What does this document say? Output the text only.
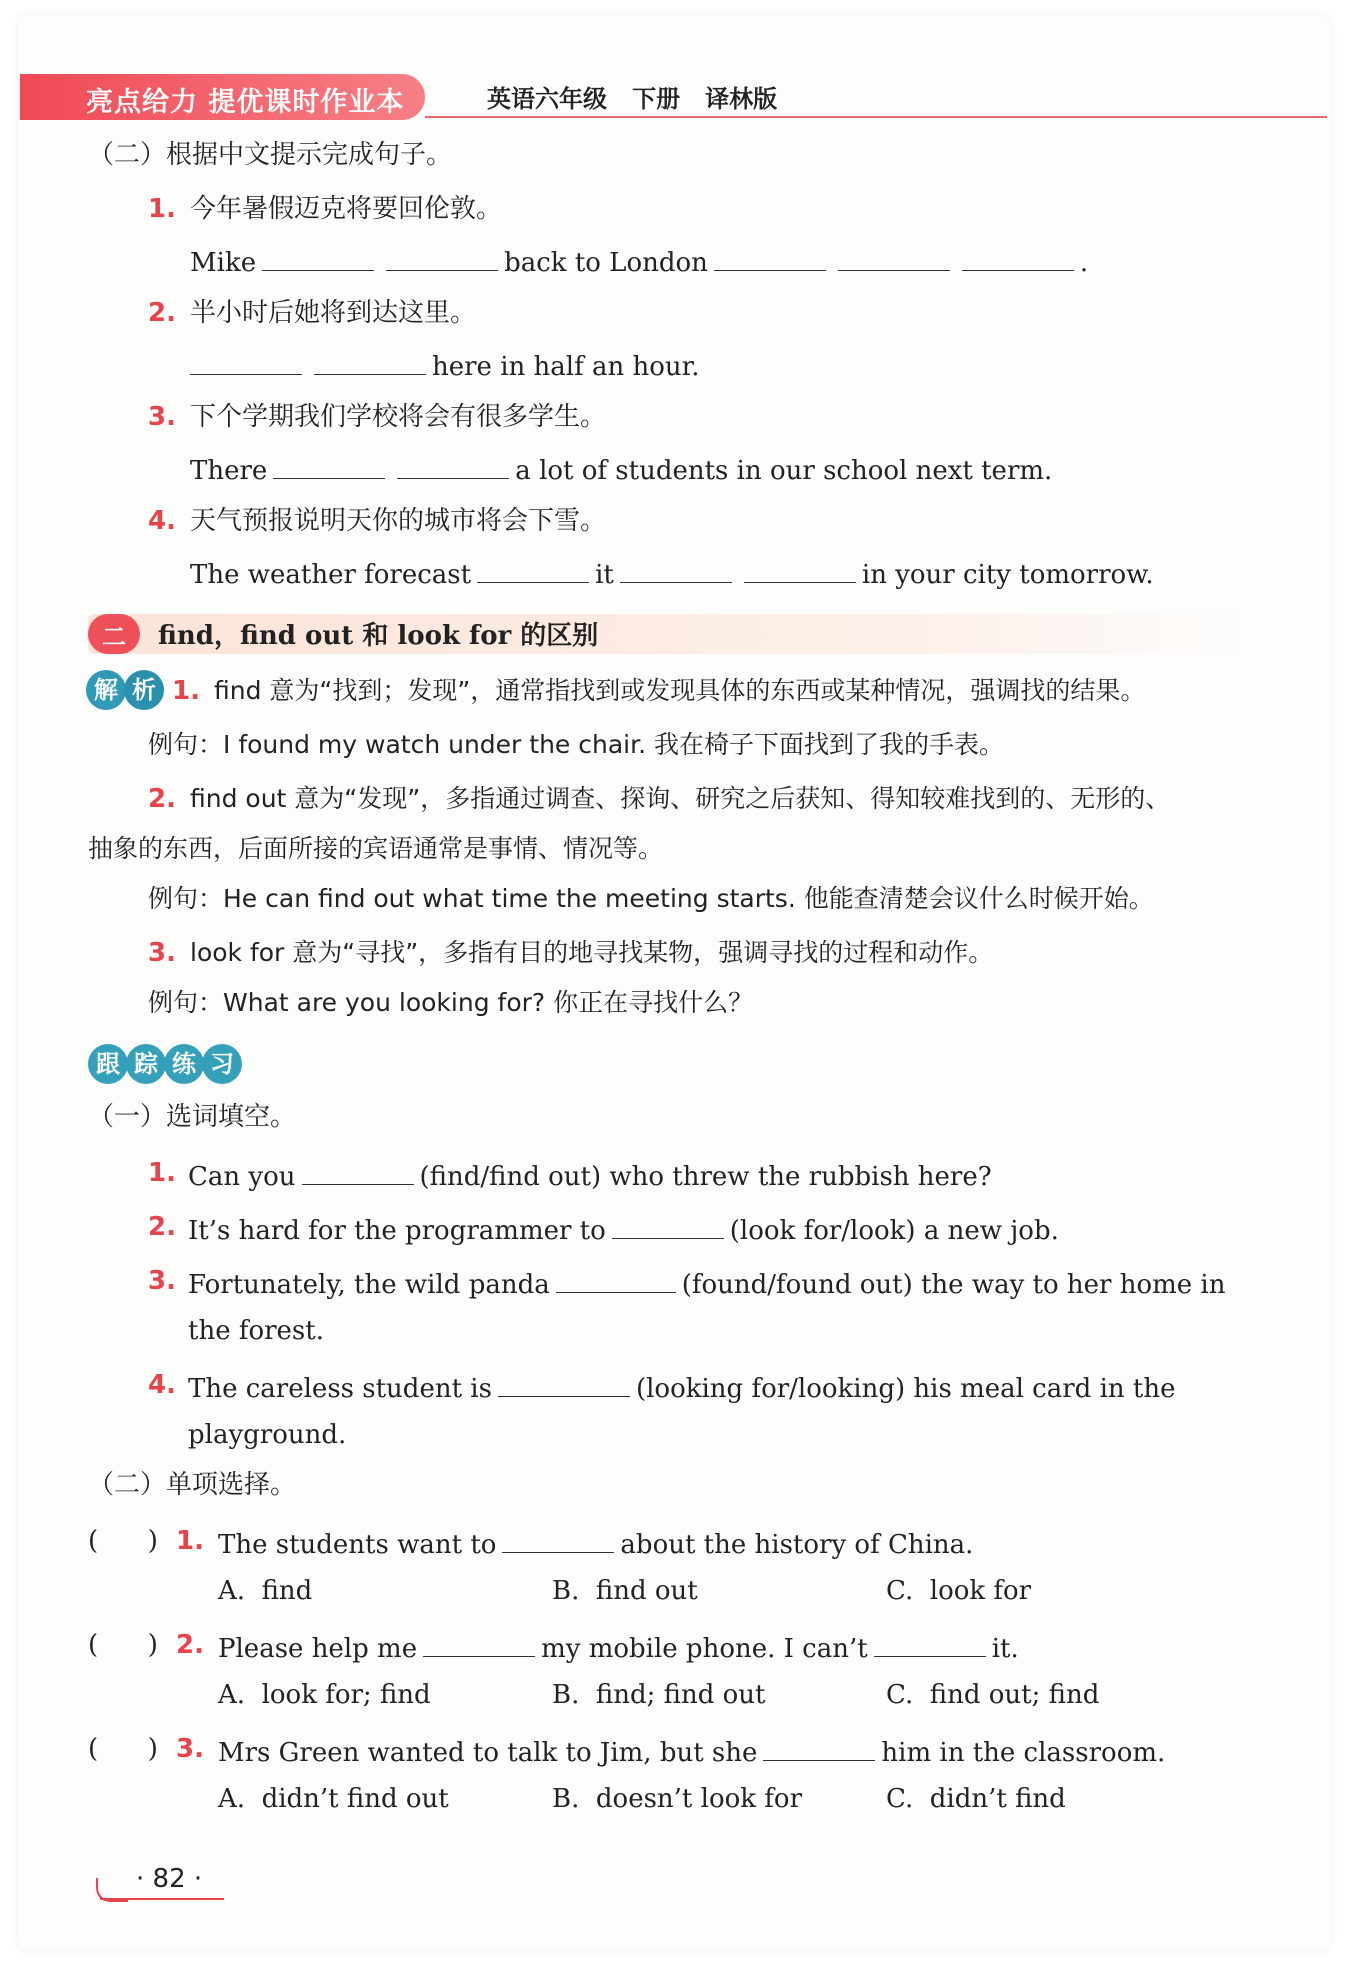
亮点给力 提优课时作业本	英语六年级   下册   译林版
（二）根据中文提示完成句子。
1. 今年暑假迈克将要回伦敦。
Mike	back to London	.
2. 半小时后她将到达这里。
here in half an hour.
3. 下个学期我们学校将会有很多学生。
There	a lot of students in our school next term.
4. 天气预报说明天你的城市将会下雪。
The weather forecast	it	in your city tomorrow.
二	find，find out 和 look for 的区别
解 析 1. find 意为“找到；发现”，通常指找到或发现具体的东西或某种情况，强调找的结果。
例句：I found my watch under the chair. 我在椅子下面找到了我的手表。
2. find out 意为“发现”，多指通过调查、探询、研究之后获知、得知较难找到的、无形的、
抽象的东西，后面所接的宾语通常是事情、情况等。
例句：He can find out what time the meeting starts. 他能查清楚会议什么时候开始。
3. look for 意为“寻找”，多指有目的地寻找某物，强调寻找的过程和动作。
例句：What are you looking for? 你正在寻找什么？
跟 踪 练 习
（一）选词填空。
1. Can you	(find/find out) who threw the rubbish here?
2. It’s hard for the programmer to	(look for/look) a new job.
3. Fortunately, the wild panda	(found/found out) the way to her home in
the forest.
4. The careless student is	(looking for/looking) his meal card in the
playground.
（二）单项选择。
(      ) 1. The students want to	about the history of China.
A.  find	B.  find out	C.  look for
(      ) 2. Please help me	my mobile phone. I can’t	it.
A.  look for; find	B.  find; find out	C.  find out; find
(      ) 3. Mrs Green wanted to talk to Jim, but she	him in the classroom.
A.  didn’t find out	B.  doesn’t look for	C.  didn’t find
· 82 ·
